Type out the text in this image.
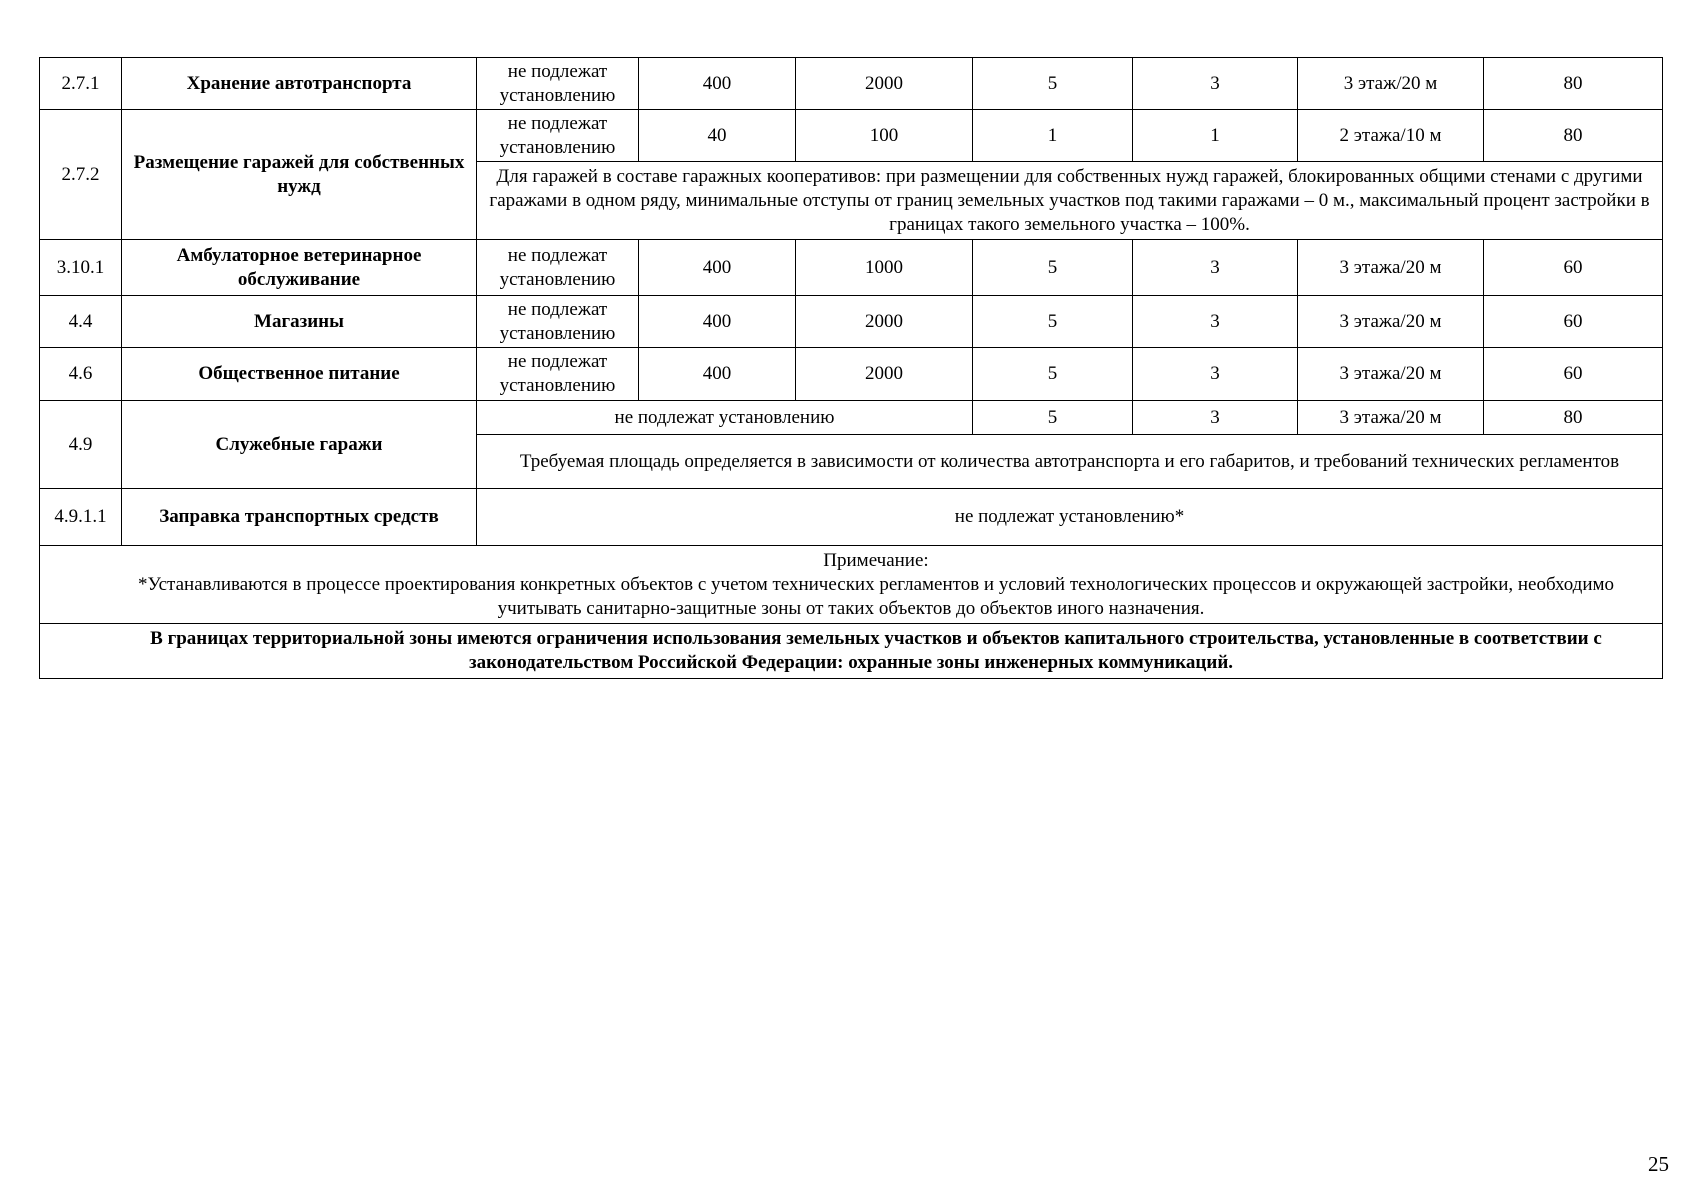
2.7.1	Хранение автотранспорта	не подлежат установлению	400	2000	5	3	3 этаж/20 м	80
2.7.2	Размещение гаражей для собственных нужд	не подлежат установлению	40	100	1	1	2 этажа/10 м	80
		Для гаражей в составе гаражных кооперативов: при размещении для собственных нужд гаражей, блокированных общими стенами с другими гаражами в одном ряду, минимальные отступы от границ земельных участков под такими гаражами – 0 м., максимальный процент застройки в границах такого земельного участка – 100%.						
3.10.1	Амбулаторное ветеринарное обслуживание	не подлежат установлению	400	1000	5	3	3 этажа/20 м	60
4.4	Магазины	не подлежат установлению	400	2000	5	3	3 этажа/20 м	60
4.6	Общественное питание	не подлежат установлению	400	2000	5	3	3 этажа/20 м	60
4.9	Служебные гаражи	не подлежат установлению			5	3	3 этажа/20 м	80
		Требуемая площадь определяется в зависимости от количества автотранспорта и его габаритов, и требований технических регламентов						
4.9.1.1	Заправка транспортных средств	не подлежат установлению*						

Примечание:

*Устанавливаются в процессе проектирования конкретных объектов с учетом технических регламентов и условий технологических процессов и окружающей застройки, необходимо учитывать санитарно-защитные зоны от таких объектов до объектов иного назначения.								

В границах территориальной зоны имеются ограничения использования земельных участков и объектов капитального строительства, установленные в соответствии с законодательством Российской Федерации: охранные зоны инженерных коммуникаций.								
25
